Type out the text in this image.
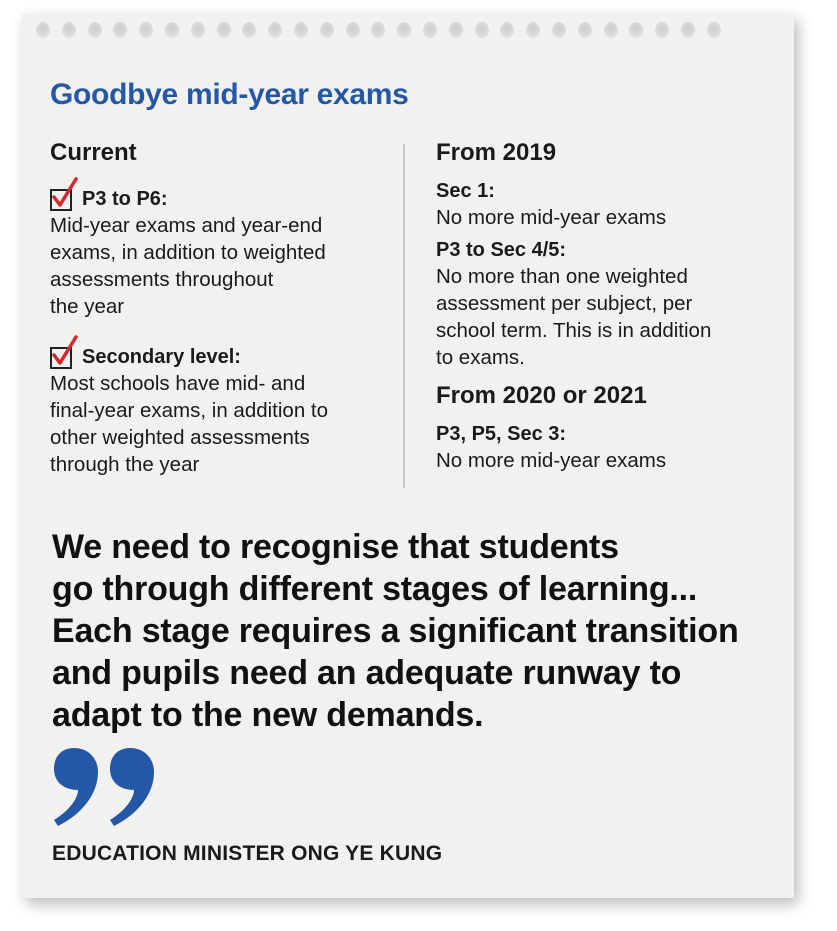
Goodbye mid-year exams
Current
P3 to P6:
Mid-year exams and year-end
exams, in addition to weighted
assessments throughout
the year
Secondary level:
Most schools have mid- and
final-year exams, in addition to
other weighted assessments
through the year
From 2019
Sec 1:
No more mid-year exams
P3 to Sec 4/5:
No more than one weighted
assessment per subject, per
school term. This is in addition
to exams.
From 2020 or 2021
P3, P5, Sec 3:
No more mid-year exams
We need to recognise that students
go through different stages of learning...
Each stage requires a significant transition
and pupils need an adequate runway to
adapt to the new demands.
EDUCATION MINISTER ONG YE KUNG
